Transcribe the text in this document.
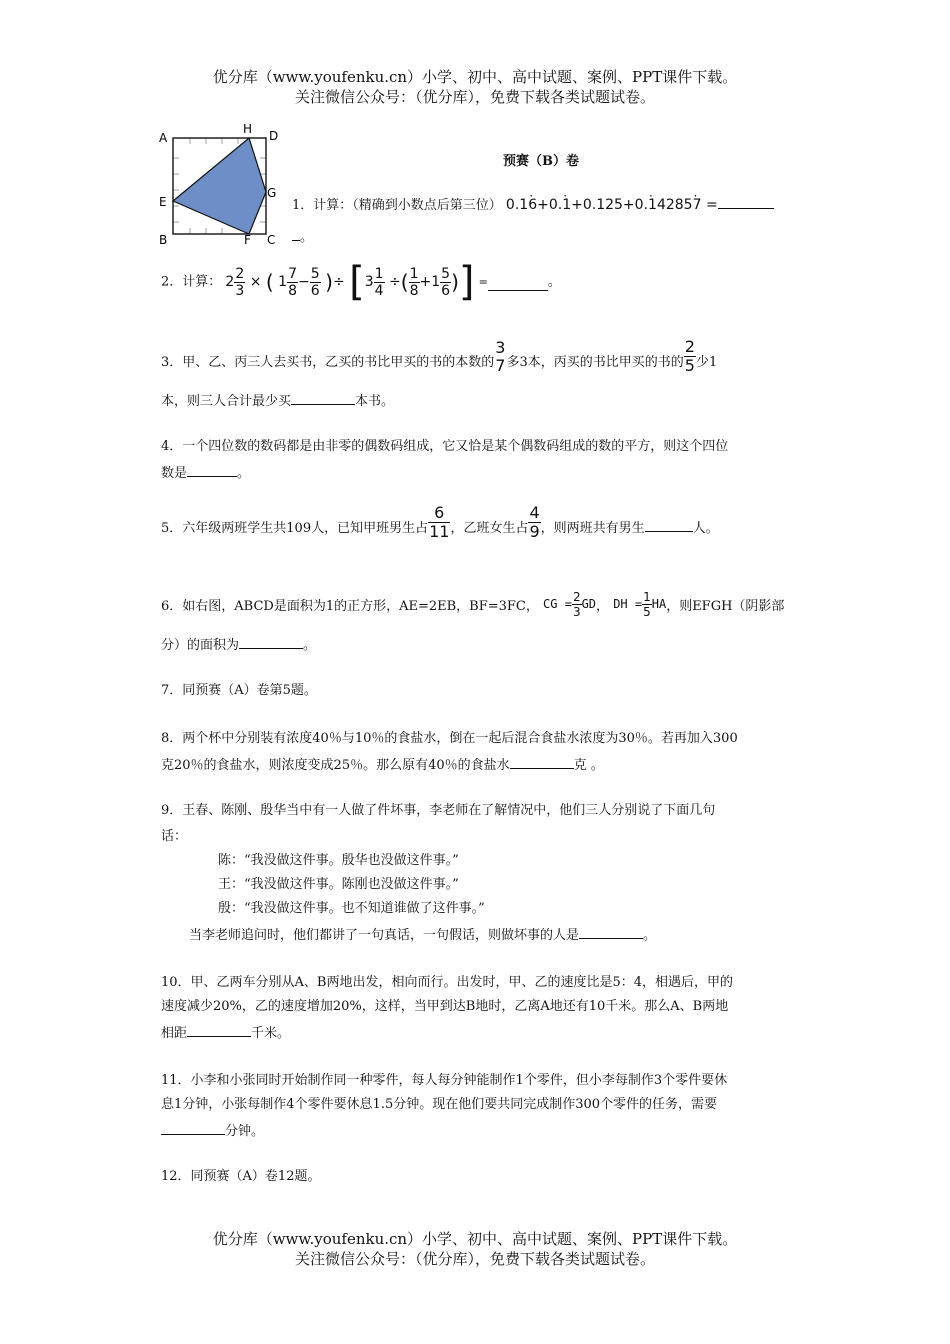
优分库（www.youfenku.cn）小学、初中、高中试题、案例、PPT课件下载。
关注微信公众号：（优分库），免费下载各类试题试卷。
A
H D
E
G
B	F C
预赛（B）卷
1．计算：（精确到小数点后第三位） 0.1· 6+0.· 1+0.125+0.· 14285· 7 =
。
2．计算： $2 \frac{2}{3}$ × ( $1 \frac{7}{8} - \frac{5}{6}$ )÷ [$3 \frac{1}{4}$ ÷( $\frac{1}{8} +1 \frac{5}{6}$ )] =	。
3．甲、乙、丙三人去买书，乙买的书比甲买的书的本数的
3
7 多3本，丙买的书比甲买的书的 $\frac{2}{5}$ 少1
本，则三人合计最少买	本书。
4．一个四位数的数码都是由非零的偶数码组成，它又恰是某个偶数码组成的数的平方，则这个四位
数是	。
5．六年级两班学生共109人，已知甲班男生占 $\frac{6}{11}$ ，乙班女生占 $\frac{4}{9}$ ，则两班共有男生	人。
6．如右图，ABCD是面积为1的正方形，AE=2EB，BF=3FC， CG = $\frac{2}{3}$ GD， DH = $\frac{1}{5}$ HA，则EFGH（阴影部
分）的面积为	。
7．同预赛（A）卷第5题。
8．两个杯中分别装有浓度40％与10％的食盐水，倒在一起后混合食盐水浓度为30％。若再加入300
克20％的食盐水，则浓度变成25％。那么原有40％的食盐水	克 。
9．王春、陈刚、殷华当中有一人做了件坏事，李老师在了解情况中，他们三人分别说了下面几句
话：
陈：“我没做这件事。殷华也没做这件事。”
王：“我没做这件事。陈刚也没做这件事。”
殷：“我没做这件事。也不知道谁做了这件事。”
当李老师追问时，他们都讲了一句真话，一句假话，则做坏事的人是	。
10．甲、乙两车分别从A、B两地出发，相向而行。出发时，甲、乙的速度比是5：4，相遇后，甲的
速度减少20%，乙的速度增加20%，这样，当甲到达B地时，乙离A地还有10千米。那么A、B两地
相距	千米。
11．小李和小张同时开始制作同一种零件，每人每分钟能制作1个零件，但小李每制作3个零件要休
息1分钟，小张每制作4个零件要休息1.5分钟。现在他们要共同完成制作300个零件的任务，需要
分钟。
12．同预赛（A）卷12题。
优分库（www.youfenku.cn）小学、初中、高中试题、案例、PPT课件下载。
关注微信公众号：（优分库），免费下载各类试题试卷。
